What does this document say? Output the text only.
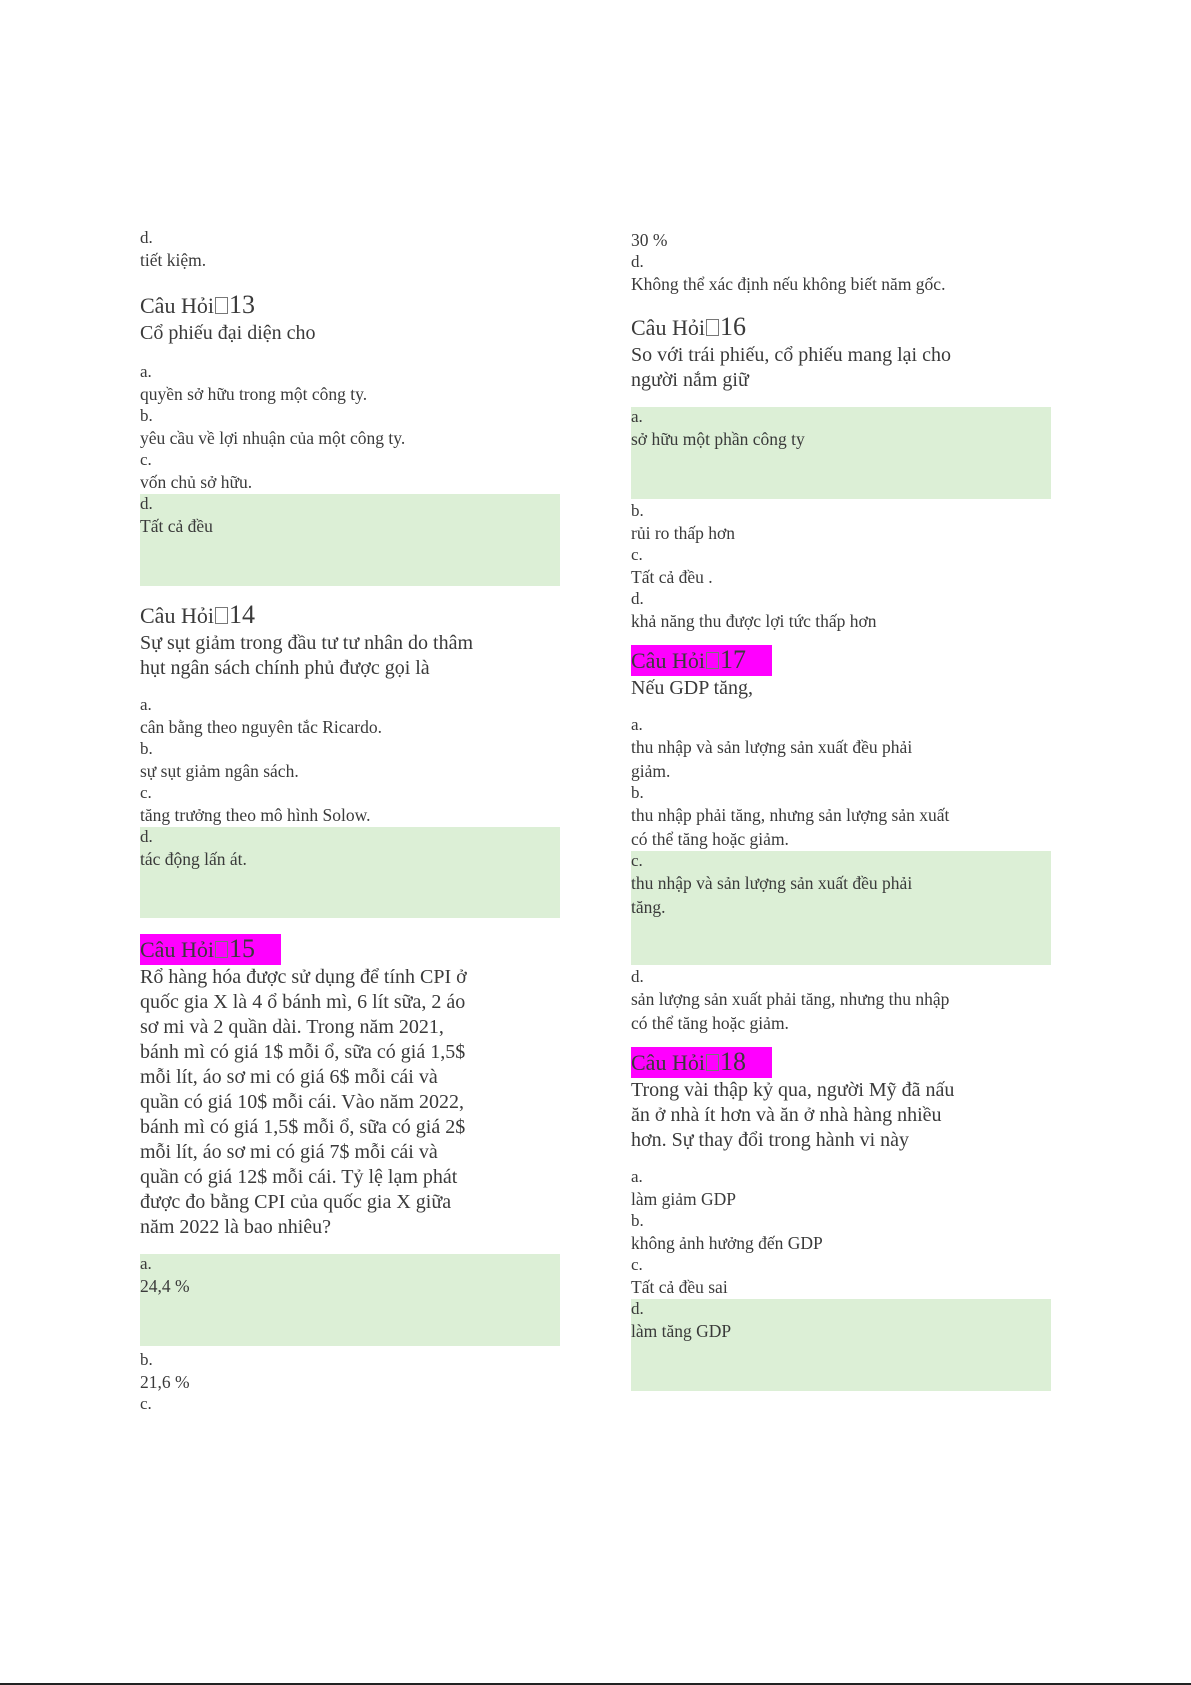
d.
tiết kiệm.
Câu Hỏi 13
Cổ phiếu đại diện cho
a.
quyền sở hữu trong một công ty.
b.
yêu cầu về lợi nhuận của một công ty.
c.
vốn chủ sở hữu.
d.
Tất cả đều
Câu Hỏi 14
Sự sụt giảm trong đầu tư tư nhân do thâm hụt ngân sách chính phủ được gọi là
a.
cân bằng theo nguyên tắc Ricardo.
b.
sự sụt giảm ngân sách.
c.
tăng trưởng theo mô hình Solow.
d.
tác động lấn át.
Câu Hỏi 15
Rổ hàng hóa được sử dụng để tính CPI ở quốc gia X là 4 ổ bánh mì, 6 lít sữa, 2 áo sơ mi và 2 quần dài. Trong năm 2021, bánh mì có giá 1$ mỗi ổ, sữa có giá 1,5$ mỗi lít, áo sơ mi có giá 6$ mỗi cái và quần có giá 10$ mỗi cái. Vào năm 2022, bánh mì có giá 1,5$ mỗi ổ, sữa có giá 2$ mỗi lít, áo sơ mi có giá 7$ mỗi cái và quần có giá 12$ mỗi cái. Tỷ lệ lạm phát được đo bằng CPI của quốc gia X giữa năm 2022 là bao nhiêu?
a.
24,4 %
b.
21,6 %
c.
30 %
d.
Không thể xác định nếu không biết năm gốc.
Câu Hỏi 16
So với trái phiếu, cổ phiếu mang lại cho người nắm giữ
a.
sở hữu một phần công ty
b.
rủi ro thấp hơn
c.
Tất cả đều .
d.
khả năng thu được lợi tức thấp hơn
Câu Hỏi 17
Nếu GDP tăng,
a.
thu nhập và sản lượng sản xuất đều phải giảm.
b.
thu nhập phải tăng, nhưng sản lượng sản xuất có thể tăng hoặc giảm.
c.
thu nhập và sản lượng sản xuất đều phải tăng.
d.
sản lượng sản xuất phải tăng, nhưng thu nhập có thể tăng hoặc giảm.
Câu Hỏi 18
Trong vài thập kỷ qua, người Mỹ đã nấu ăn ở nhà ít hơn và ăn ở nhà hàng nhiều hơn. Sự thay đổi trong hành vi này
a.
làm giảm GDP
b.
không ảnh hưởng đến GDP
c.
Tất cả đều sai
d.
làm tăng GDP
